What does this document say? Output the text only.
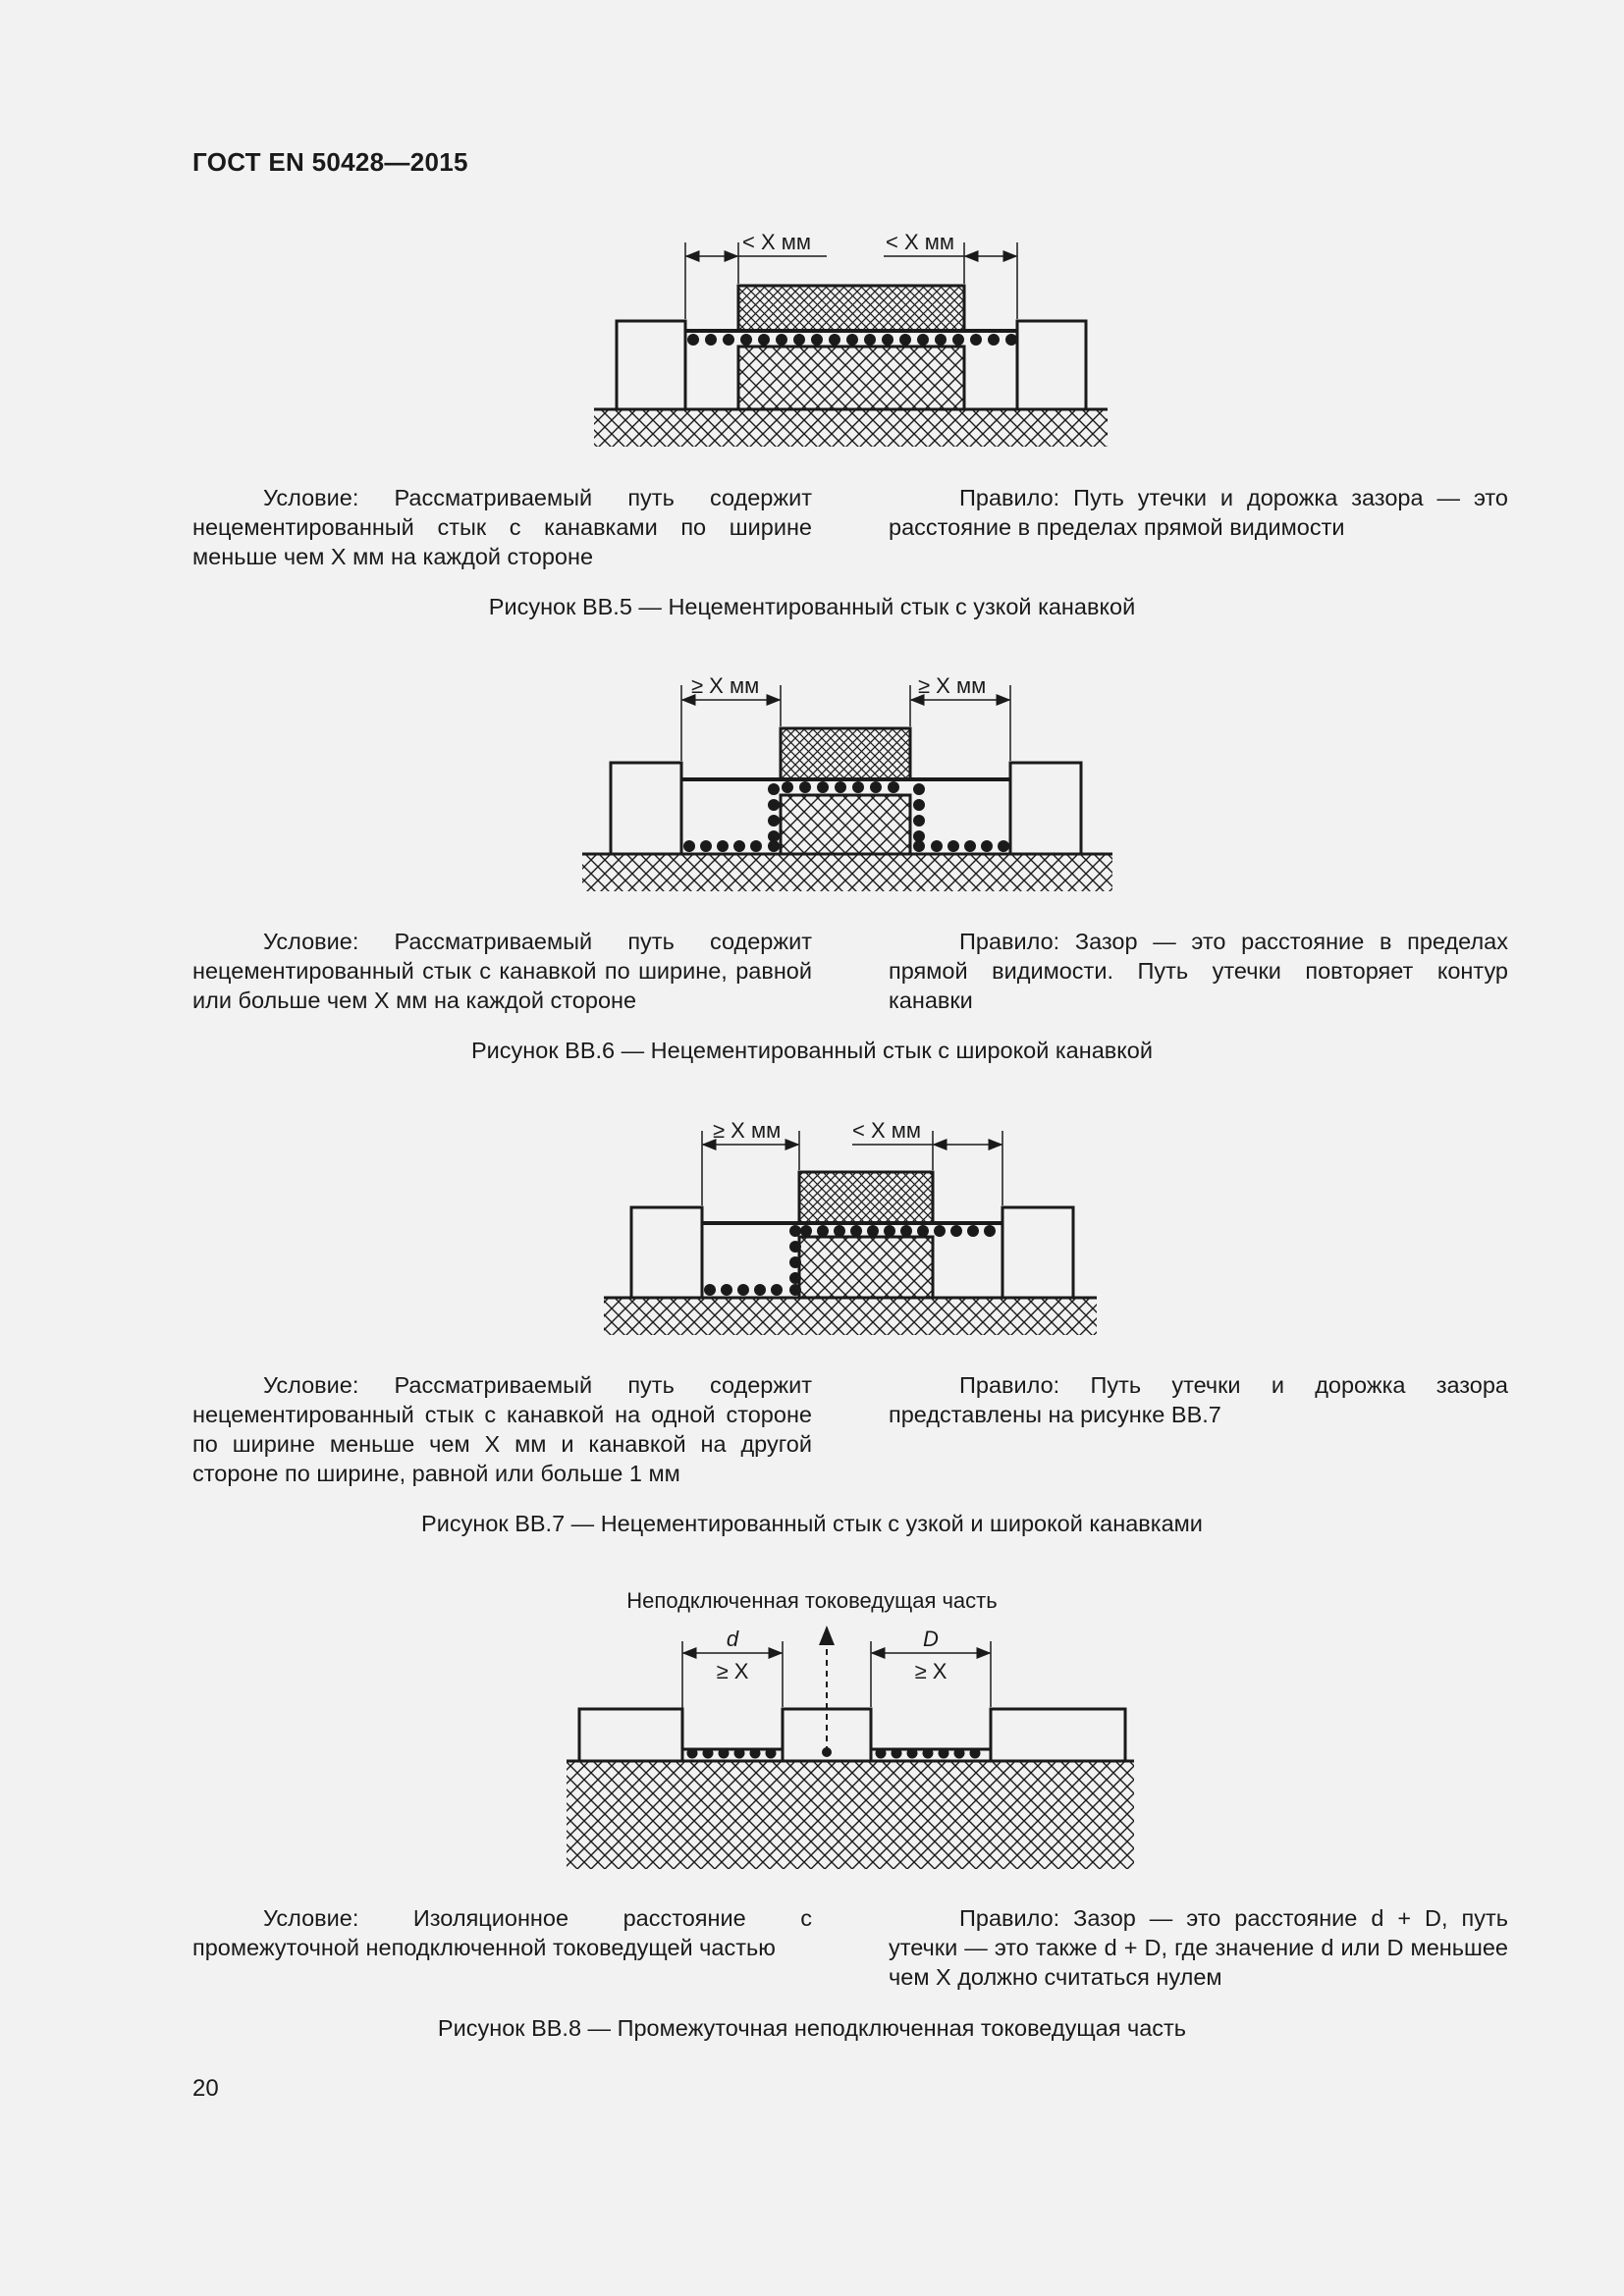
ГОСТ EN 50428—2015
< X мм	< X мм
Условие: Рассматриваемый путь содержит нецементированный стык с канавками по ширине меньше чем X мм на каждой стороне
Правило: Путь утечки и дорожка зазора — это расстояние в пределах прямой видимости
Рисунок ВВ.5 — Нецементированный стык с узкой канавкой
≥ X мм	≥ X мм
Условие: Рассматриваемый путь содержит нецементированный стык с канавкой по ширине, равной или больше чем X мм на каждой стороне
Правило: Зазор — это расстояние в пределах прямой видимости. Путь утечки повторяет контур канавки
Рисунок ВВ.6 — Нецементированный стык с широкой канавкой
≥ X мм	< X мм
Условие: Рассматриваемый путь содержит нецементированный стык с канавкой на одной стороне по ширине меньше чем X мм и канавкой на другой стороне по ширине, равной или больше 1 мм
Правило: Путь утечки и дорожка зазора представлены на рисунке ВВ.7
Рисунок ВВ.7 — Нецементированный стык с узкой и широкой канавками
Неподключенная токоведущая часть
d
≥ X
D
≥ X
Условие: Изоляционное расстояние с промежуточной неподключенной токоведущей частью
Правило: Зазор — это расстояние d + D, путь утечки — это также d + D, где значение d или D меньшее чем X должно считаться нулем
Рисунок ВВ.8 — Промежуточная неподключенная токоведущая часть
20
